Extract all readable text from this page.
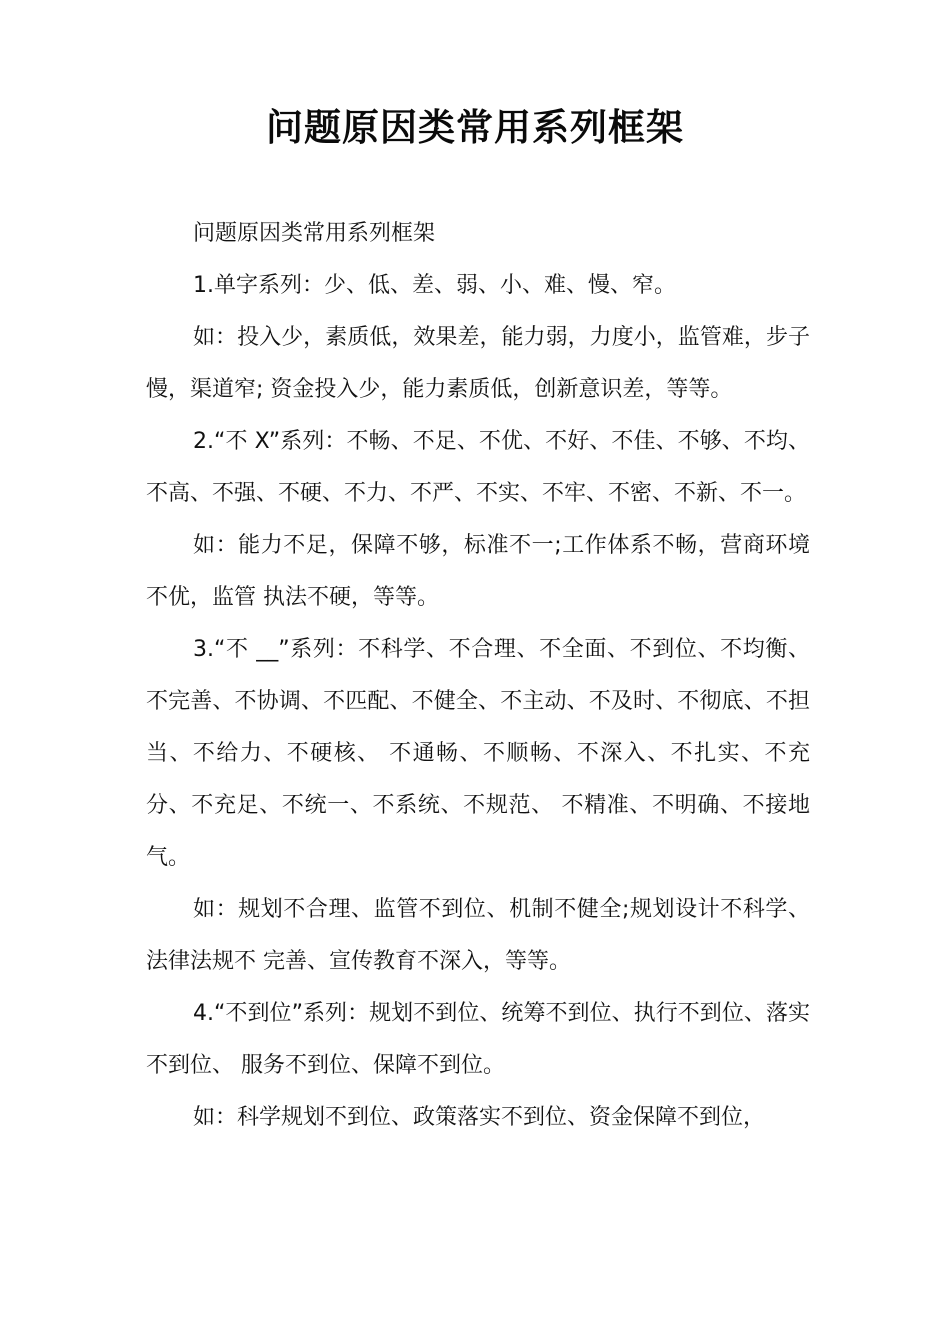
问题原因类常用系列框架

问题原因类常用系列框架

1.单字系列：少、低、差、弱、小、难、慢、窄。

如：投入少，素质低，效果差，能力弱，力度小，监管难，步子慢，渠道窄; 资金投入少，能力素质低，创新意识差，等等。

2.“不 X”系列：不畅、不足、不优、不好、不佳、不够、不均、不高、不强、不硬、不力、不严、不实、不牢、不密、不新、不一。

如：能力不足，保障不够，标准不一;工作体系不畅，营商环境不优，监管 执法不硬，等等。

3.“不 __”系列：不科学、不合理、不全面、不到位、不均衡、不完善、不协调、不匹配、不健全、不主动、不及时、不彻底、不担当、不给力、不硬核、 不通畅、不顺畅、不深入、不扎实、不充分、不充足、不统一、不系统、不规范、 不精准、不明确、不接地气。

如：规划不合理、监管不到位、机制不健全;规划设计不科学、法律法规不 完善、宣传教育不深入，等等。

4.“不到位”系列：规划不到位、统筹不到位、执行不到位、落实不到位、 服务不到位、保障不到位。

如：科学规划不到位、政策落实不到位、资金保障不到位，
